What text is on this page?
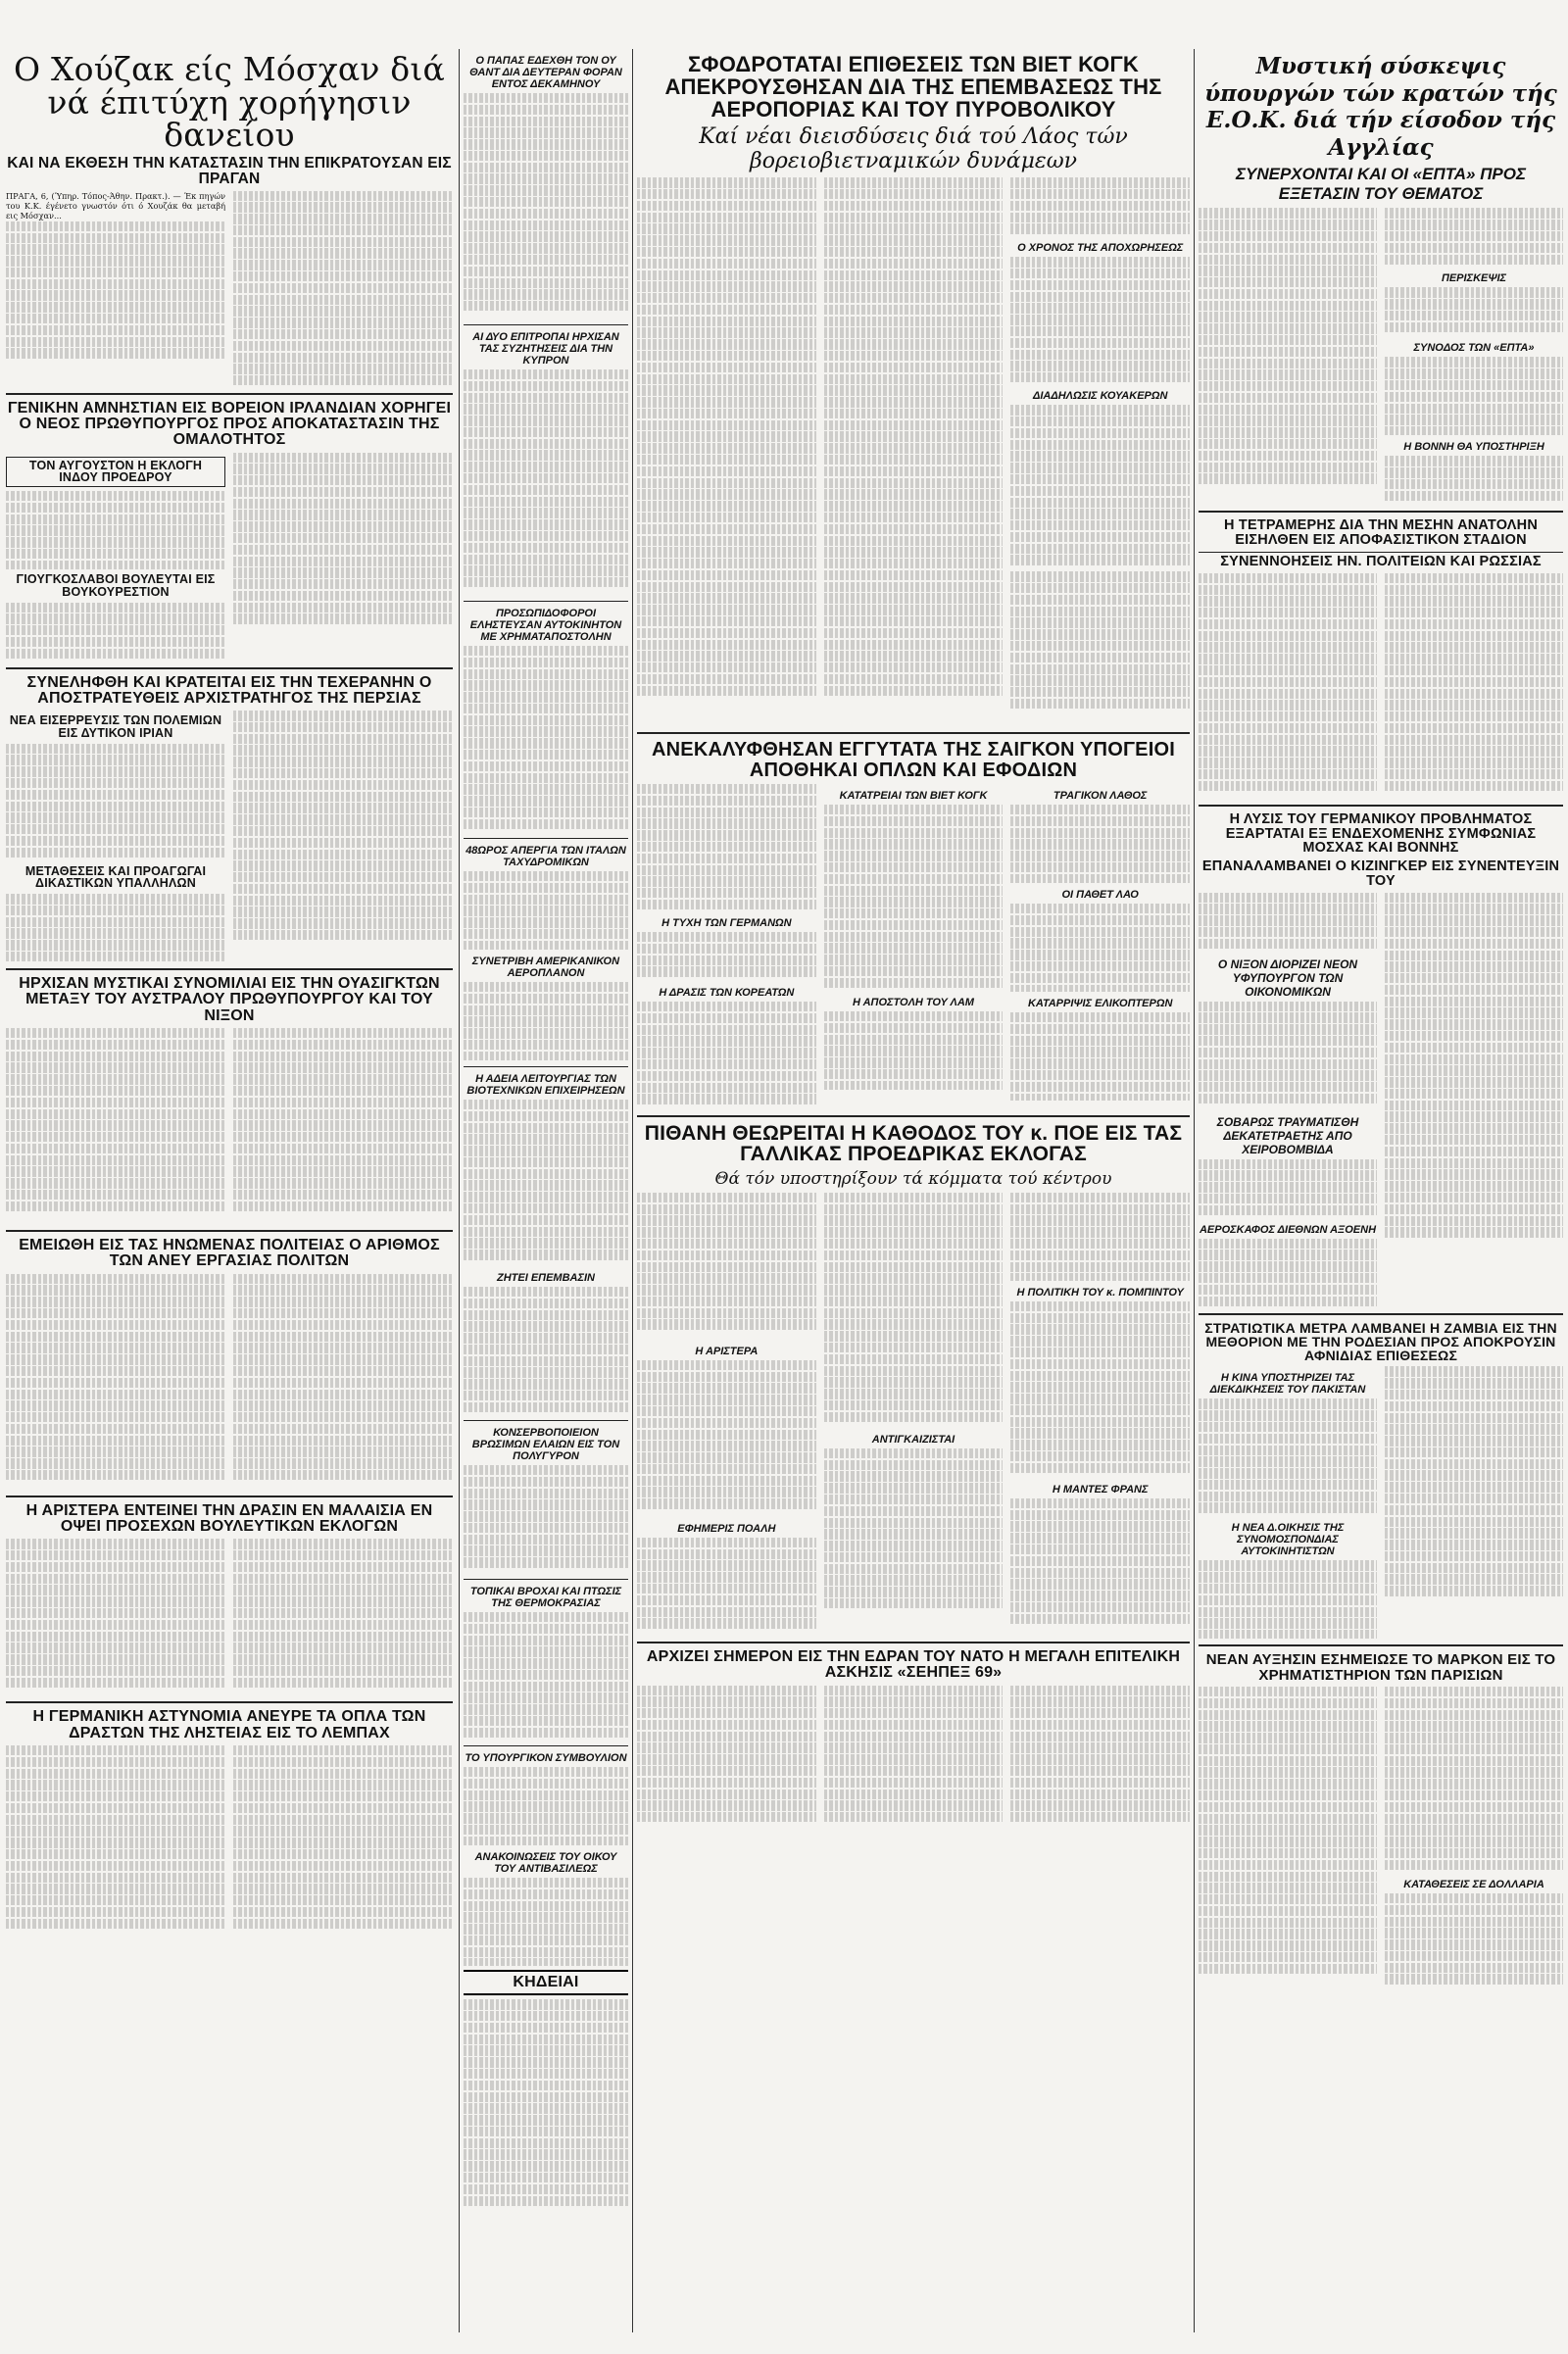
Ο Χούζακ είς Μόσχαν διά νά έπιτύχη χορήγησιν δανείου
ΚΑΙ ΝΑ ΕΚΘΕΣΗ ΤΗΝ ΚΑΤΑΣΤΑΣΙΝ ΤΗΝ ΕΠΙΚΡΑΤΟΥΣΑΝ ΕΙΣ ΠΡΑΓΑΝ

ΠΡΑΓΑ, 6, (Ύπηρ. Τόπος-Άθην. Πρακτ.). — Έκ πηγών του Κ.Κ. έγένετο γνωστόν ότι ό Χουζάκ θα μεταβή εις Μόσχαν...

ΓΕΝΙΚΗΝ ΑΜΝΗΣΤΙΑΝ ΕΙΣ ΒΟΡΕΙΟΝ ΙΡΛΑΝΔΙΑΝ ΧΟΡΗΓΕΙ Ο ΝΕΟΣ ΠΡΩΘΥΠΟΥΡΓΟΣ ΠΡΟΣ ΑΠΟΚΑΤΑΣΤΑΣΙΝ ΤΗΣ ΟΜΑΛΟΤΗΤΟΣ
ΤΟΝ ΑΥΓΟΥΣΤΟΝ Η ΕΚΛΟΓΗ ΙΝΔΟΥ ΠΡΟΕΔΡΟΥ
ΓΙΟΥΓΚΟΣΛΑΒΟΙ ΒΟΥΛΕΥΤΑΙ ΕΙΣ ΒΟΥΚΟΥΡΕΣΤΙΟΝ
ΣΥΝΕΛΗΦΘΗ ΚΑΙ ΚΡΑΤΕΙΤΑΙ ΕΙΣ ΤΗΝ ΤΕΧΕΡΑΝΗΝ Ο ΑΠΟΣΤΡΑΤΕΥΘΕΙΣ ΑΡΧΙΣΤΡΑΤΗΓΟΣ ΤΗΣ ΠΕΡΣΙΑΣ
ΝΕΑ ΕΙΣΕΡΡΕΥΣΙΣ ΤΩΝ ΠΟΛΕΜΙΩΝ ΕΙΣ ΔΥΤΙΚΟΝ ΙΡΙΑΝ
ΜΕΤΑΘΕΣΕΙΣ ΚΑΙ ΠΡΟΑΓΩΓΑΙ ΔΙΚΑΣΤΙΚΩΝ ΥΠΑΛΛΗΛΩΝ
ΗΡΧΙΣΑΝ ΜΥΣΤΙΚΑΙ ΣΥΝΟΜΙΛΙΑΙ ΕΙΣ ΤΗΝ ΟΥΑΣΙΓΚΤΩΝ ΜΕΤΑΞΥ ΤΟΥ ΑΥΣΤΡΑΛΟΥ ΠΡΩΘΥΠΟΥΡΓΟΥ ΚΑΙ ΤΟΥ ΝΙΞΟΝ
ΕΜΕΙΩΘΗ ΕΙΣ ΤΑΣ ΗΝΩΜΕΝΑΣ ΠΟΛΙΤΕΙΑΣ Ο ΑΡΙΘΜΟΣ ΤΩΝ ΑΝΕΥ ΕΡΓΑΣΙΑΣ ΠΟΛΙΤΩΝ
Η ΑΡΙΣΤΕΡΑ ΕΝΤΕΙΝΕΙ ΤΗΝ ΔΡΑΣΙΝ ΕΝ ΜΑΛΑΙΣΙΑ ΕΝ ΟΨΕΙ ΠΡΟΣΕΧΩΝ ΒΟΥΛΕΥΤΙΚΩΝ ΕΚΛΟΓΩΝ
Η ΓΕΡΜΑΝΙΚΗ ΑΣΤΥΝΟΜΙΑ ΑΝΕΥΡΕ ΤΑ ΟΠΛΑ ΤΩΝ ΔΡΑΣΤΩΝ ΤΗΣ ΛΗΣΤΕΙΑΣ ΕΙΣ ΤΟ ΛΕΜΠΑΧ
Ο ΠΑΠΑΣ ΕΔΕΧΘΗ ΤΟΝ ΟΥ ΘΑΝΤ ΔΙΑ ΔΕΥΤΕΡΑΝ ΦΟΡΑΝ ΕΝΤΟΣ ΔΕΚΑΜΗΝΟΥ
ΑΙ ΔΥΟ ΕΠΙΤΡΟΠΑΙ ΗΡΧΙΣΑΝ ΤΑΣ ΣΥΖΗΤΗΣΕΙΣ ΔΙΑ ΤΗΝ ΚΥΠΡΟΝ
ΠΡΟΣΩΠΙΔΟΦΟΡΟΙ ΕΛΗΣΤΕΥΣΑΝ ΑΥΤΟΚΙΝΗΤΟΝ ΜΕ ΧΡΗΜΑΤΑΠΟΣΤΟΛΗΝ
48ΩΡΟΣ ΑΠΕΡΓΙΑ ΤΩΝ ΙΤΑΛΩΝ ΤΑΧΥΔΡΟΜΙΚΩΝ
ΣΥΝΕΤΡΙΒΗ ΑΜΕΡΙΚΑΝΙΚΟΝ ΑΕΡΟΠΛΑΝΟΝ
Η ΑΔΕΙΑ ΛΕΙΤΟΥΡΓΙΑΣ ΤΩΝ ΒΙΟΤΕΧΝΙΚΩΝ ΕΠΙΧΕΙΡΗΣΕΩΝ
ΖΗΤΕΙ ΕΠΕΜΒΑΣΙΝ
ΚΟΝΣΕΡΒΟΠΟΙΕΙΟΝ ΒΡΩΣΙΜΩΝ ΕΛΑΙΩΝ ΕΙΣ ΤΟΝ ΠΟΛΥΓΥΡΟΝ
ΤΟΠΙΚΑΙ ΒΡΟΧΑΙ ΚΑΙ ΠΤΩΣΙΣ ΤΗΣ ΘΕΡΜΟΚΡΑΣΙΑΣ
ΤΟ ΥΠΟΥΡΓΙΚΟΝ ΣΥΜΒΟΥΛΙΟΝ
ΑΝΑΚΟΙΝΩΣΕΙΣ ΤΟΥ ΟΙΚΟΥ ΤΟΥ ΑΝΤΙΒΑΣΙΛΕΩΣ
ΚΗΔΕΙΑΙ
ΣΦΟΔΡΟΤΑΤΑΙ ΕΠΙΘΕΣΕΙΣ ΤΩΝ ΒΙΕΤ ΚΟΓΚ ΑΠΕΚΡΟΥΣΘΗΣΑΝ ΔΙΑ ΤΗΣ ΕΠΕΜΒΑΣΕΩΣ ΤΗΣ ΑΕΡΟΠΟΡΙΑΣ ΚΑΙ ΤΟΥ ΠΥΡΟΒΟΛΙΚΟΥ
Καί νέαι διεισδύσεις διά τού Λάος τών βορειοβιετναμικών δυνάμεων
Ο ΧΡΟΝΟΣ ΤΗΣ ΑΠΟΧΩΡΗΣΕΩΣ
ΔΙΑΔΗΛΩΣΙΣ ΚΟΥΑΚΕΡΩΝ
ΑΝΕΚΑΛΥΦΘΗΣΑΝ ΕΓΓΥΤΑΤΑ ΤΗΣ ΣΑΙΓΚΟΝ ΥΠΟΓΕΙΟΙ ΑΠΟΘΗΚΑΙ ΟΠΛΩΝ ΚΑΙ ΕΦΟΔΙΩΝ
Η ΤΥΧΗ ΤΩΝ ΓΕΡΜΑΝΩΝ
Η ΔΡΑΣΙΣ ΤΩΝ ΚΟΡΕΑΤΩΝ
ΚΑΤΑΤΡΕΙΑΙ ΤΩΝ ΒΙΕΤ ΚΟΓΚ
Η ΑΠΟΣΤΟΛΗ ΤΟΥ ΛΑΜ
ΤΡΑΓΙΚΟΝ ΛΑΘΟΣ
ΟΙ ΠΑΘΕΤ ΛΑΟ
ΚΑΤΑΡΡΙΨΙΣ ΕΛΙΚΟΠΤΕΡΩΝ
ΠΙΘΑΝΗ ΘΕΩΡΕΙΤΑΙ Η ΚΑΘΟΔΟΣ ΤΟΥ κ. ΠΟΕ ΕΙΣ ΤΑΣ ΓΑΛΛΙΚΑΣ ΠΡΟΕΔΡΙΚΑΣ ΕΚΛΟΓΑΣ
Θά τόν υποστηρίξουν τά κόμματα τού κέντρου
Η ΑΡΙΣΤΕΡΑ
ΕΦΗΜΕΡΙΣ ΠΟΑΛΗ
ΑΝΤΙΓΚΑΙΖΙΣΤΑΙ
Η ΠΟΛΙΤΙΚΗ ΤΟΥ κ. ΠΟΜΠΙΝΤΟΥ
Η ΜΑΝΤΕΣ ΦΡΑΝΣ
ΑΡΧΙΖΕΙ ΣΗΜΕΡΟΝ ΕΙΣ ΤΗΝ ΕΔΡΑΝ ΤΟΥ ΝΑΤΟ Η ΜΕΓΑΛΗ ΕΠΙΤΕΛΙΚΗ ΑΣΚΗΣΙΣ «ΣΕΗΠΕΞ 69»
Μυστική σύσκεψις ύπουργών τών κρατών τής Ε.Ο.Κ. διά τήν είσοδον τής Αγγλίας
ΣΥΝΕΡΧΟΝΤΑΙ ΚΑΙ ΟΙ «ΕΠΤΑ» ΠΡΟΣ ΕΞΕΤΑΣΙΝ ΤΟΥ ΘΕΜΑΤΟΣ
ΠΕΡΙΣΚΕΨΙΣ
ΣΥΝΟΔΟΣ ΤΩΝ «ΕΠΤΑ»
Η ΒΟΝΝΗ ΘΑ ΥΠΟΣΤΗΡΙΞΗ
Η ΤΕΤΡΑΜΕΡΗΣ ΔΙΑ ΤΗΝ ΜΕΣΗΝ ΑΝΑΤΟΛΗΝ ΕΙΣΗΛΘΕΝ ΕΙΣ ΑΠΟΦΑΣΙΣΤΙΚΟΝ ΣΤΑΔΙΟΝ
ΣΥΝΕΝΝΟΗΣΕΙΣ ΗΝ. ΠΟΛΙΤΕΙΩΝ ΚΑΙ ΡΩΣΣΙΑΣ
Η ΛΥΣΙΣ ΤΟΥ ΓΕΡΜΑΝΙΚΟΥ ΠΡΟΒΛΗΜΑΤΟΣ ΕΞΑΡΤΑΤΑΙ ΕΞ ΕΝΔΕΧΟΜΕΝΗΣ ΣΥΜΦΩΝΙΑΣ ΜΟΣΧΑΣ ΚΑΙ ΒΟΝΝΗΣ
ΕΠΑΝΑΛΑΜΒΑΝΕΙ Ο ΚΙΖΙΝΓΚΕΡ ΕΙΣ ΣΥΝΕΝΤΕΥΞΙΝ ΤΟΥ
Ο ΝΙΞΟΝ ΔΙΟΡΙΖΕΙ ΝΕΟΝ ΥΦΥΠΟΥΡΓΟΝ ΤΩΝ ΟΙΚΟΝΟΜΙΚΩΝ
ΣΟΒΑΡΩΣ ΤΡΑΥΜΑΤΙΣΘΗ ΔΕΚΑΤΕΤΡΑΕΤΗΣ ΑΠΟ ΧΕΙΡΟΒΟΜΒΙΔΑ
ΑΕΡΟΣΚΑΦΟΣ ΔΙΕΘΝΩΝ ΑΞΟΕΝΗ
ΣΤΡΑΤΙΩΤΙΚΑ ΜΕΤΡΑ ΛΑΜΒΑΝΕΙ Η ΖΑΜΒΙΑ ΕΙΣ ΤΗΝ ΜΕΘΟΡΙΟΝ ΜΕ ΤΗΝ ΡΟΔΕΣΙΑΝ ΠΡΟΣ ΑΠΟΚΡΟΥΣΙΝ ΑΦΝΙΔΙΑΣ ΕΠΙΘΕΣΕΩΣ
Η ΚΙΝΑ ΥΠΟΣΤΗΡΙΖΕΙ ΤΑΣ ΔΙΕΚΔΙΚΗΣΕΙΣ ΤΟΥ ΠΑΚΙΣΤΑΝ
Η ΝΕΑ Δ.ΟΙΚΗΣΙΣ ΤΗΣ ΣΥΝΟΜΟΣΠΟΝΔΙΑΣ ΑΥΤΟΚΙΝΗΤΙΣΤΩΝ
ΝΕΑΝ ΑΥΞΗΣΙΝ ΕΣΗΜΕΙΩΣΕ ΤΟ ΜΑΡΚΟΝ ΕΙΣ ΤΟ ΧΡΗΜΑΤΙΣΤΗΡΙΟΝ ΤΩΝ ΠΑΡΙΣΙΩΝ
ΚΑΤΑΘΕΣΕΙΣ ΣΕ ΔΟΛΛΑΡΙΑ
